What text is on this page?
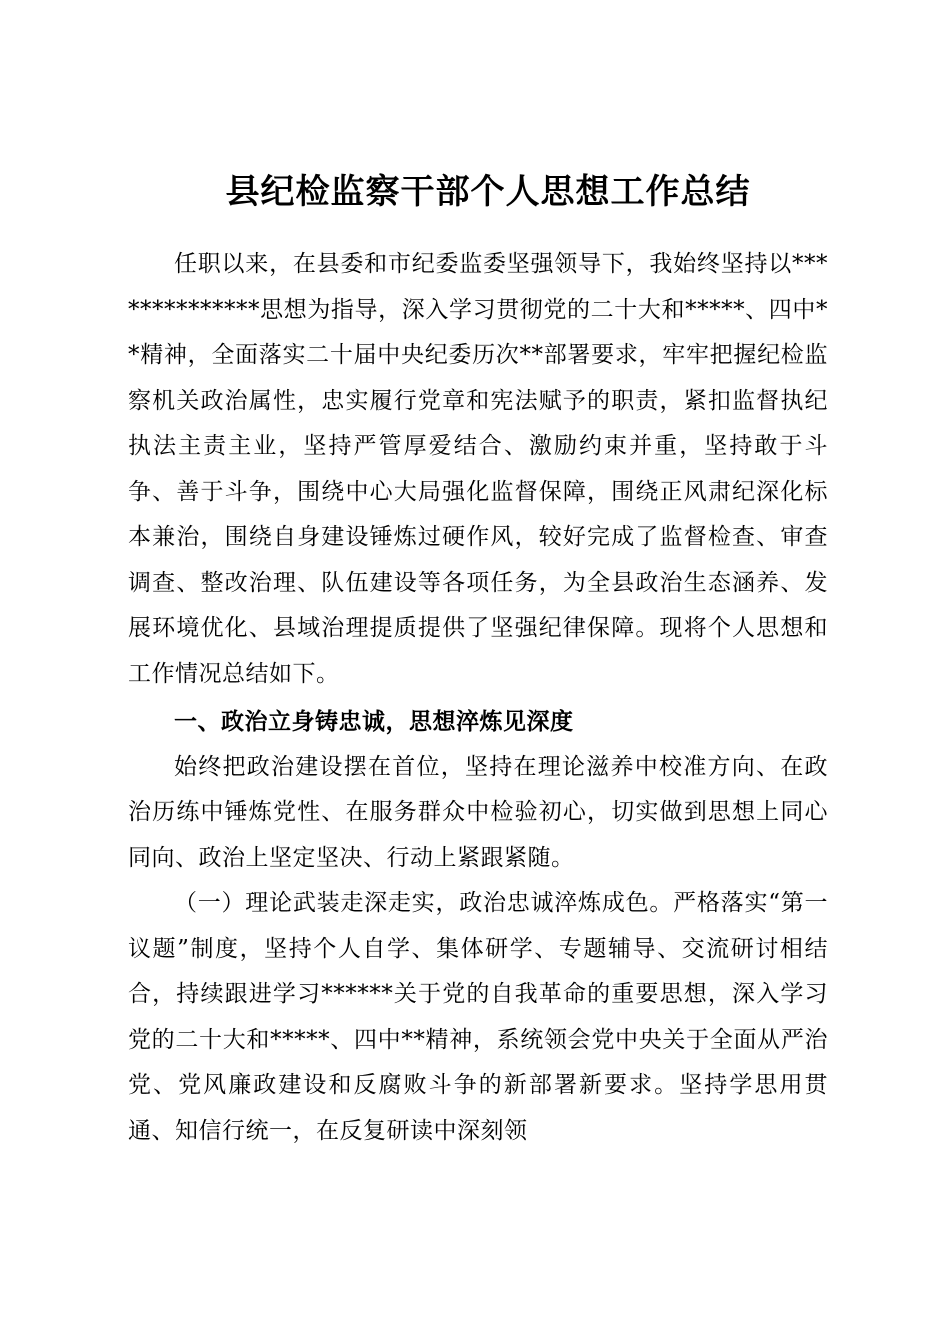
县纪检监察干部个人思想工作总结

任职以来，在县委和市纪委监委坚强领导下，我始终坚持以**************思想为指导，深入学习贯彻党的二十大和*****、四中**精神，全面落实二十届中央纪委历次**部署要求，牢牢把握纪检监察机关政治属性，忠实履行党章和宪法赋予的职责，紧扣监督执纪执法主责主业，坚持严管厚爱结合、激励约束并重，坚持敢于斗争、善于斗争，围绕中心大局强化监督保障，围绕正风肃纪深化标本兼治，围绕自身建设锤炼过硬作风，较好完成了监督检查、审查调查、整改治理、队伍建设等各项任务，为全县政治生态涵养、发展环境优化、县域治理提质提供了坚强纪律保障。现将个人思想和工作情况总结如下。

一、政治立身铸忠诚，思想淬炼见深度

始终把政治建设摆在首位，坚持在理论滋养中校准方向、在政治历练中锤炼党性、在服务群众中检验初心，切实做到思想上同心同向、政治上坚定坚决、行动上紧跟紧随。

（一）理论武装走深走实，政治忠诚淬炼成色。严格落实“第一议题”制度，坚持个人自学、集体研学、专题辅导、交流研讨相结合，持续跟进学习******关于党的自我革命的重要思想，深入学习党的二十大和*****、四中**精神，系统领会党中央关于全面从严治党、党风廉政建设和反腐败斗争的新部署新要求。坚持学思用贯通、知信行统一，在反复研读中深刻领
